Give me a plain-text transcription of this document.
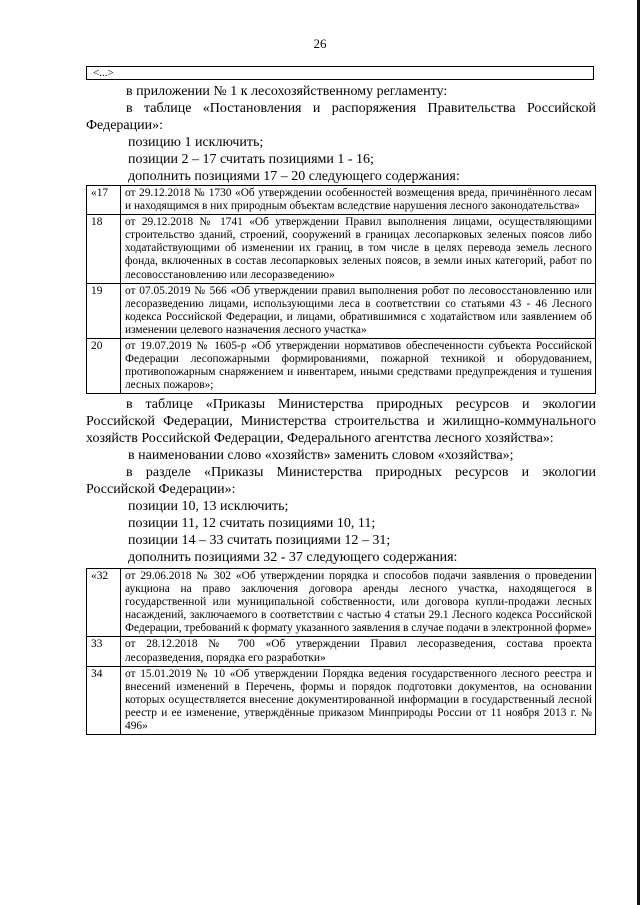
26
<...>

в приложении № 1 к лесохозяйственному регламенту:

в таблице «Постановления и распоряжения Правительства Российской

Федерации»:

позицию 1 исключить;

позиции 2 – 17 считать позициями 1 - 16;

дополнить позициями 17 – 20 следующего содержания:

«17	от 29.12.2018 № 1730 «Об утверждении особенностей возмещения вреда, причинённого лесам и находящимся в них природным объектам вследствие нарушения лесного законодательства»
18	от 29.12.2018 № 1741 «Об утверждении Правил выполнения лицами, осуществляющими строительство зданий, строений, сооружений в границах лесопарковых зеленых поясов либо ходатайствующими об изменении их границ, в том числе в целях перевода земель лесного фонда, включенных в состав лесопарковых зеленых поясов, в земли иных категорий, работ по лесовосстановлению или лесоразведению»
19	от 07.05.2019 № 566 «Об утверждении правил выполнения робот по лесовосстановлению или лесоразведению лицами, использующими леса в соответствии со статьями 43 - 46 Лесного кодекса Российской Федерации, и лицами, обратившимися с ходатайством или заявлением об изменении целевого назначения лесного участка»
20	от 19.07.2019 № 1605-р «Об утверждении нормативов обеспеченности субъекта Российской Федерации лесопожарными формированиями, пожарной техникой и оборудованием, противопожарным снаряжением и инвентарем, иными средствами предупреждения и тушения лесных пожаров»;

в таблице «Приказы Министерства природных ресурсов и экологии Российской Федерации, Министерства строительства и жилищно-коммунального хозяйств Российской Федерации, Федерального агентства лесного хозяйства»:

в наименовании слово «хозяйств» заменить словом «хозяйства»;

в разделе «Приказы Министерства природных ресурсов и экологии Российской Федерации»:

позиции 10, 13 исключить;

позиции 11, 12 считать позициями 10, 11;

позиции 14 – 33 считать позициями 12 – 31;

дополнить позициями 32 - 37 следующего содержания:

«32	от 29.06.2018 № 302 «Об утверждении порядка и способов подачи заявления о проведении аукциона на право заключения договора аренды лесного участка, находящегося в государственной или муниципальной собственности, или договора купли-продажи лесных насаждений, заключаемого в соответствии с частью 4 статьи 29.1 Лесного кодекса Российской Федерации, требований к формату указанного заявления в случае подачи в электронной форме»
33	от 28.12.2018 № 700 «Об утверждении Правил лесоразведения, состава проекта лесоразведения, порядка его разработки»
34	от 15.01.2019 № 10 «Об утверждении Порядка ведения государственного лесного реестра и внесений изменений в Перечень, формы и порядок подготовки документов, на основании которых осуществляется внесение документированной информации в государственный лесной реестр и ее изменение, утверждённые приказом Минприроды России от 11 ноября 2013 г. № 496»
